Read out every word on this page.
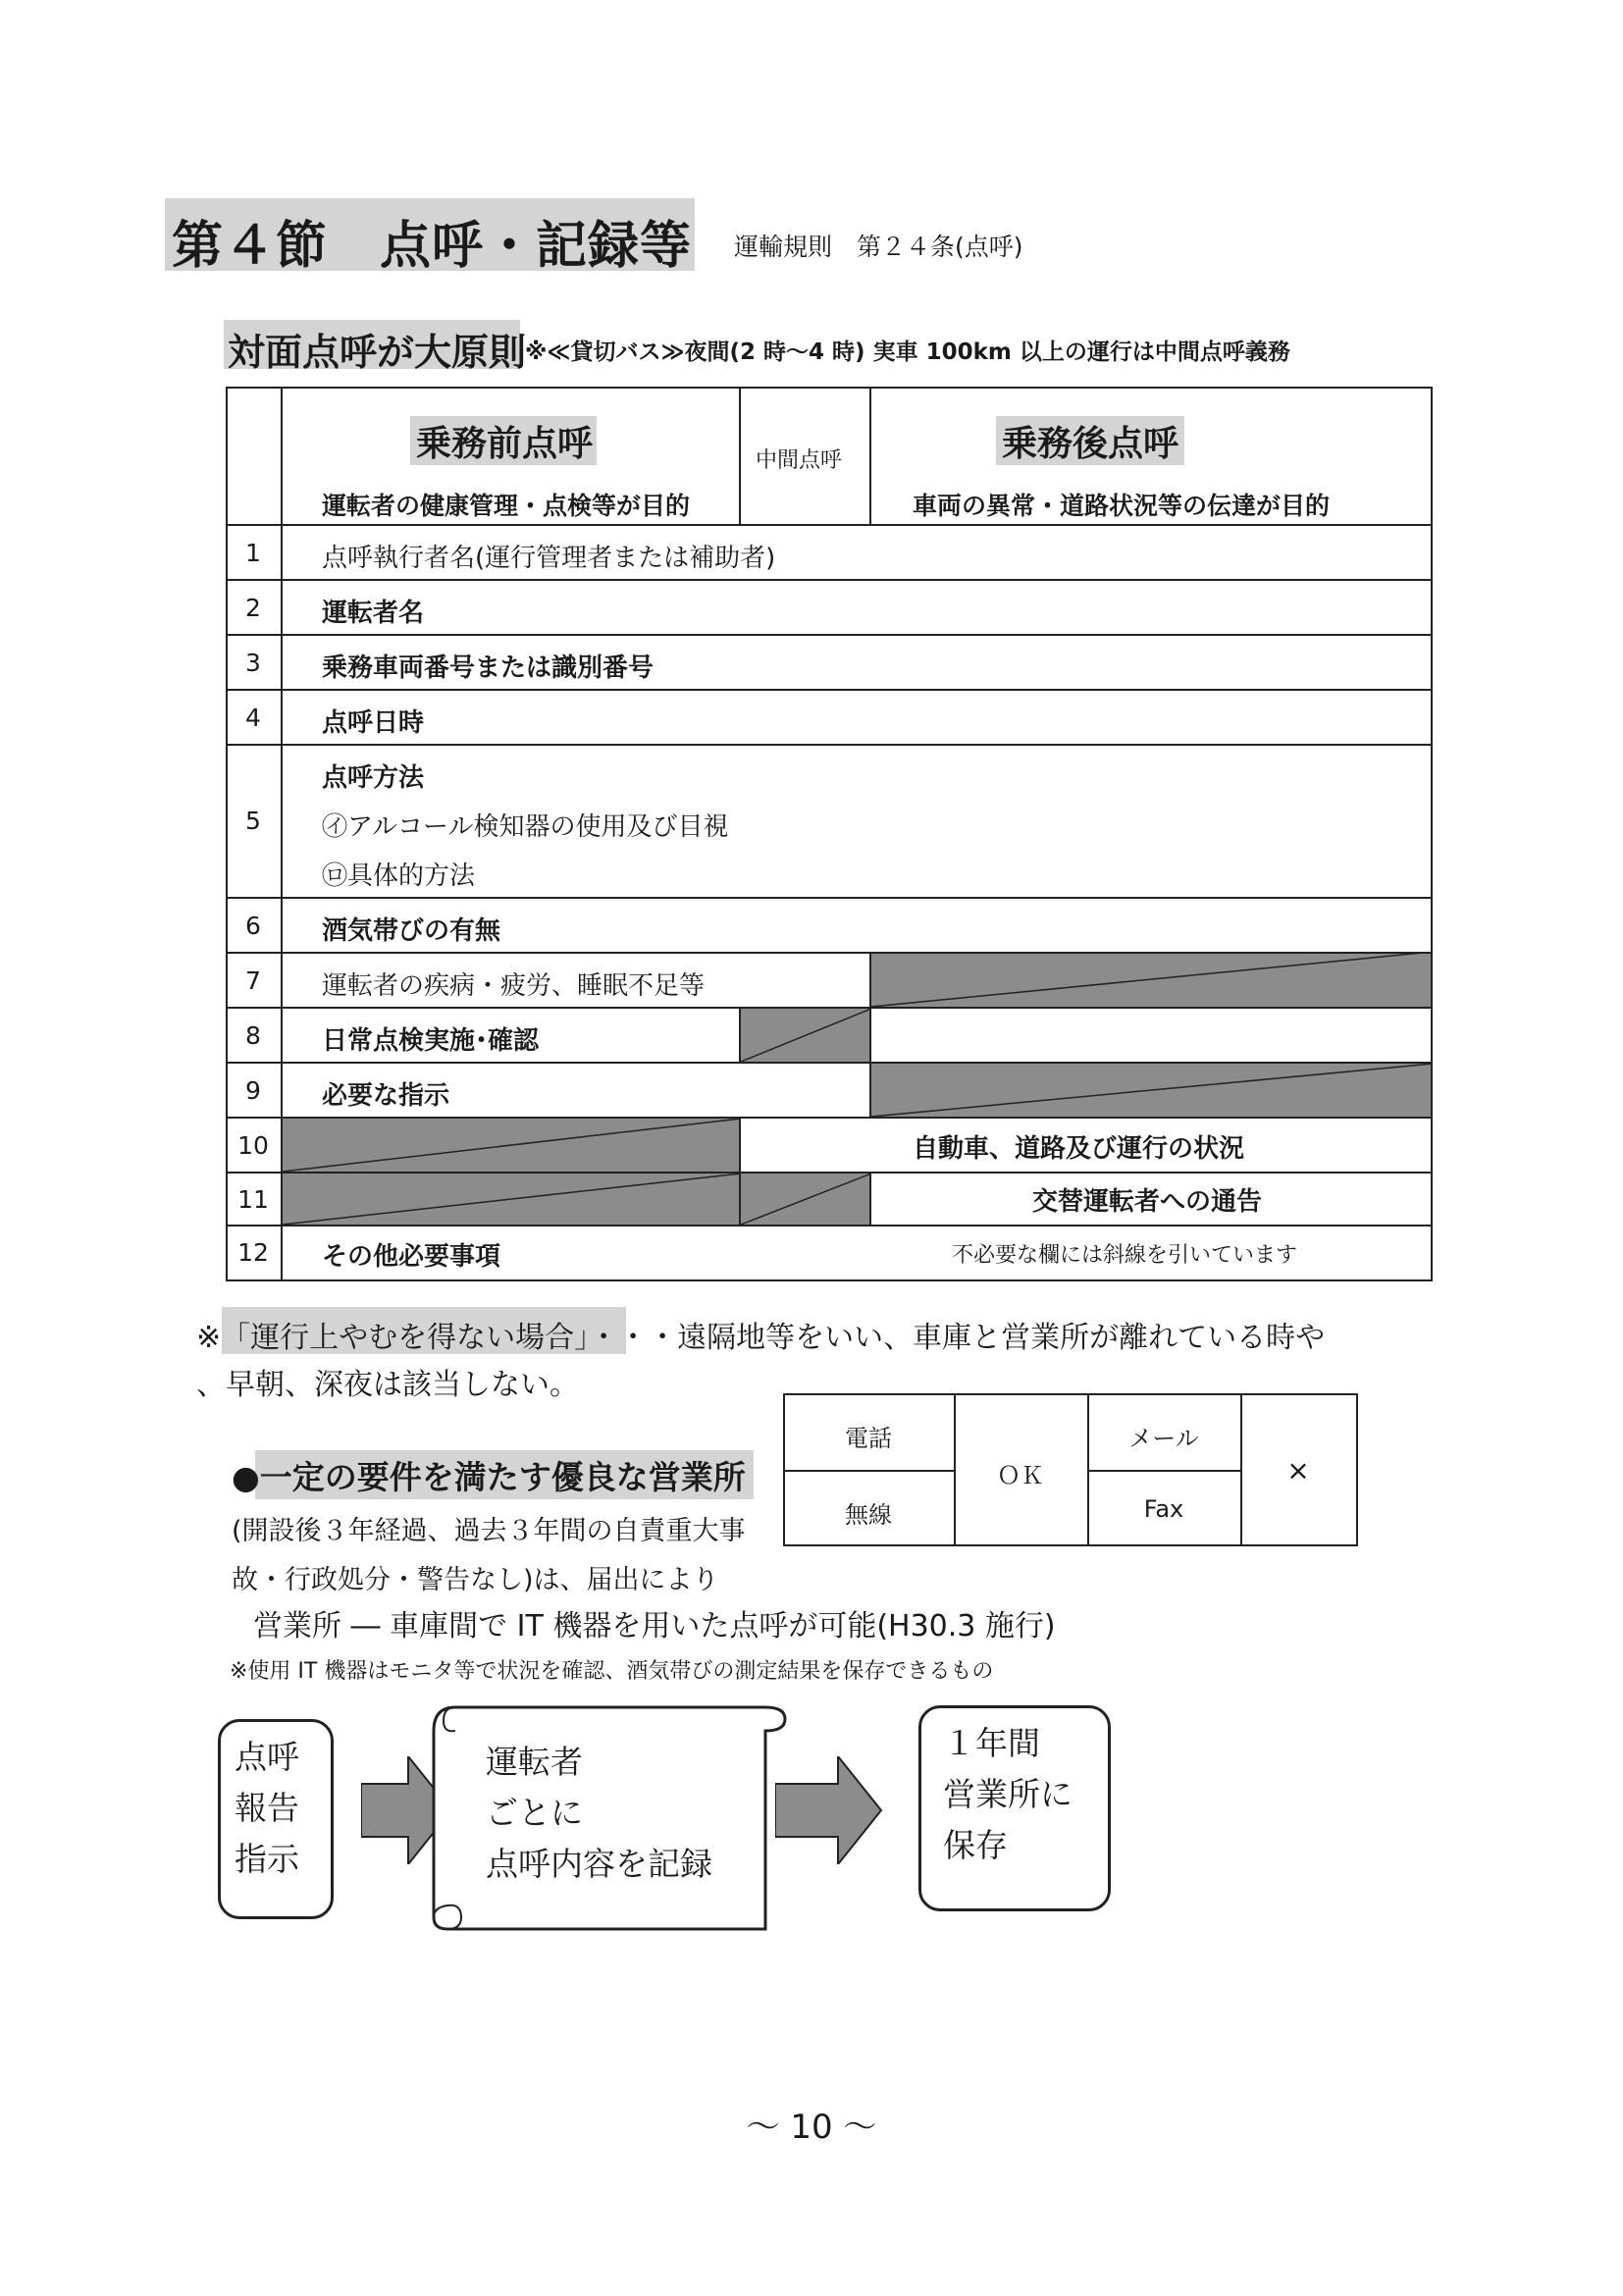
第４節　点呼・記録等 運輸規則　第２４条(点呼)
対面点呼が大原則
※≪貸切バス≫夜間(2 時～4 時) 実車 100km 以上の運行は中間点呼義務
乗務前点呼
運転者の健康管理・点検等が目的
中間点呼	乗務後点呼
車両の異常・道路状況等の伝達が目的
1
2
3
4
5
6
7
8
9
10
11
12
点呼執行者名(運行管理者または補助者)
運転者名
乗務車両番号または識別番号
点呼日時
点呼方法
㋑アルコール検知器の使用及び目視
㋺具体的方法
酒気帯びの有無
運転者の疾病・疲労、睡眠不足等
日常点検実施･確認
必要な指示
自動車、道路及び運行の状況
交替運転者への通告
その他必要事項	不必要な欄には斜線を引いています
※「運行上やむを得ない場合」・・・遠隔地等をいい、車庫と営業所が離れている時や
、早朝、深夜は該当しない。
●一定の要件を満たす優良な営業所
(開設後３年経過、過去３年間の自責重大事
故・行政処分・警告なし)は、届出により
電話
無線
ＯＫ
メール
Fax
×
営業所 ― 車庫間で IT 機器を用いた点呼が可能(H30.3 施行)
※使用 IT 機器はモニタ等で状況を確認、酒気帯びの測定結果を保存できるもの
点呼
報告
指示
運転者
ごとに
点呼内容を記録
１年間
営業所に
保存
～ 10 ～
